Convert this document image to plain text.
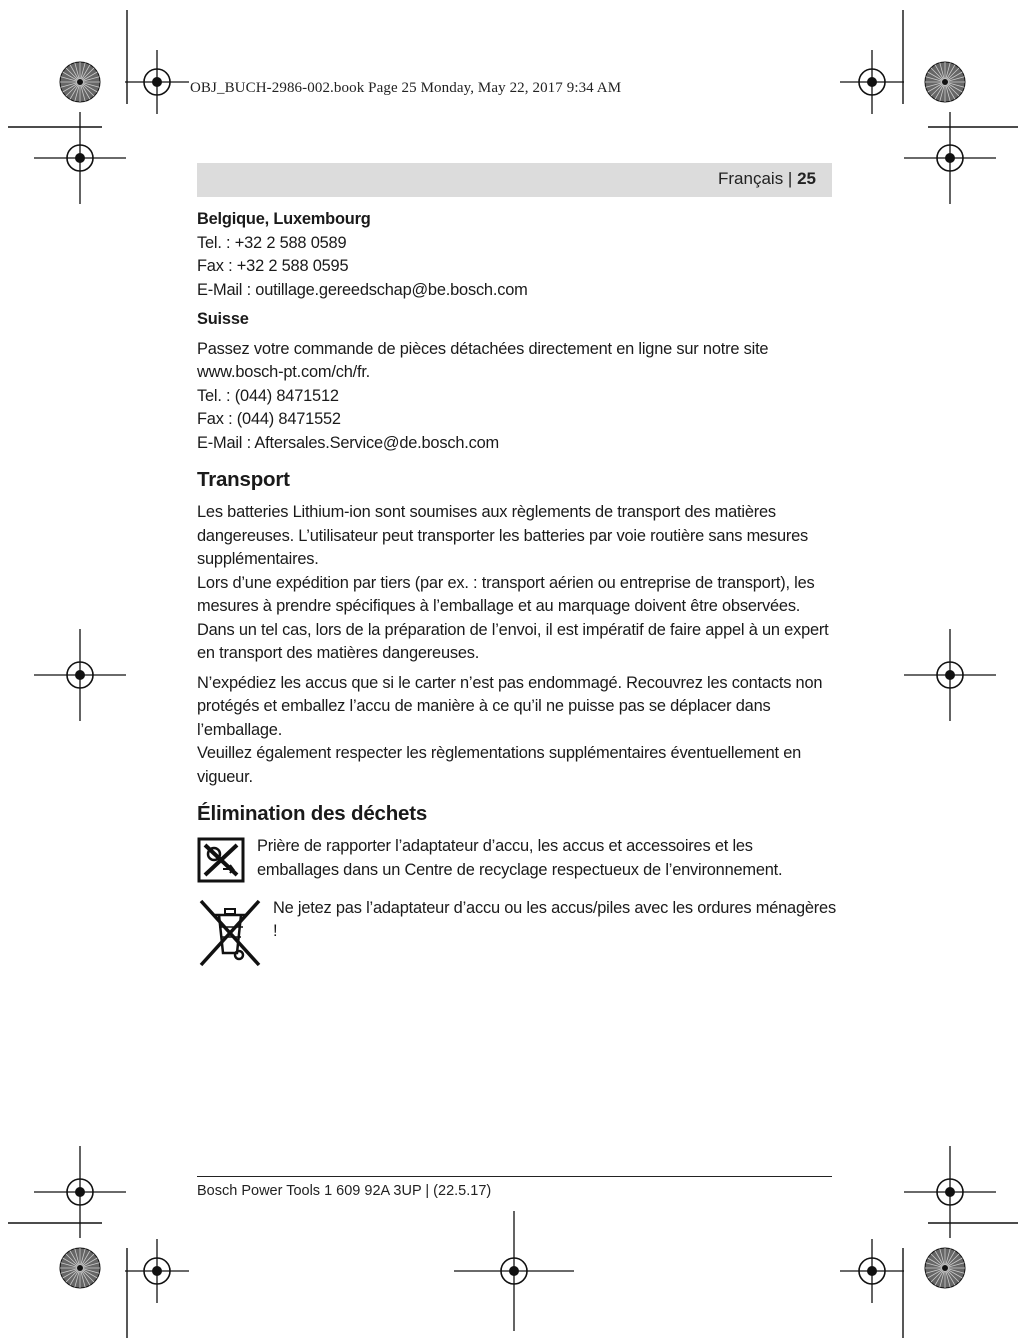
OBJ_BUCH-2986-002.book Page 25 Monday, May 22, 2017 9:34 AM
Français | 25

Belgique, Luxembourg

Tel. : +32 2 588 0589

Fax : +32 2 588 0595

E-Mail : outillage.gereedschap@be.bosch.com

Suisse

Passez votre commande de pièces détachées directement en ligne sur notre site

www.bosch-pt.com/ch/fr.

Tel. : (044) 8471512

Fax : (044) 8471552

E-Mail : Aftersales.Service@de.bosch.com

Transport

Les batteries Lithium-ion sont soumises aux règlements de transport des matières dangereuses. L’utilisateur peut transporter les batteries par voie routière sans mesures supplémentaires.

Lors d’une expédition par tiers (par ex. : transport aérien ou entreprise de transport), les mesures à prendre spécifiques à l’emballage et au marquage doivent être observées. Dans un tel cas, lors de la préparation de l’envoi, il est impératif de faire appel à un expert en transport des matières dangereuses.

N’expédiez les accus que si le carter n’est pas endommagé. Recouvrez les contacts non protégés et emballez l’accu de manière à ce qu’il ne puisse pas se déplacer dans l’emballage.

Veuillez également respecter les règlementations supplémentaires éventuellement en vigueur.

Élimination des déchets

Prière de rapporter l’adaptateur d’accu, les accus et accessoires et les emballages dans un Centre de recyclage respectueux de l’environnement.
Ne jetez pas l’adaptateur d’accu ou les accus/piles avec les ordures ménagères !
Bosch Power Tools 1 609 92A 3UP | (22.5.17)
